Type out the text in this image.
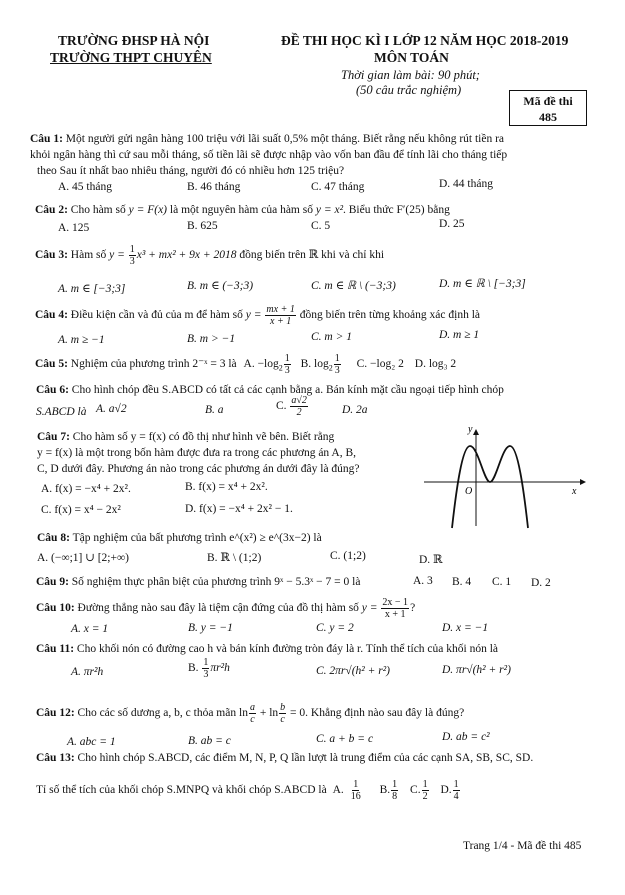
TRƯỜNG ĐHSP HÀ NỘI
TRƯỜNG THPT CHUYÊN
ĐỀ THI HỌC KÌ I LỚP 12 NĂM HỌC 2018-2019
MÔN TOÁN
Thời gian làm bài: 90 phút;
(50 câu trắc nghiệm)
Mã đề thi
485
Câu 1: Một người gửi ngân hàng 100 triệu với lãi suất 0,5% một tháng. Biết rằng nếu không rút tiền ra
khỏi ngân hàng thì cứ sau mỗi tháng, số tiền lãi sẽ được nhập vào vốn ban đầu để tính lãi cho tháng tiếp
theo Sau ít nhất bao nhiêu tháng, người đó có nhiều hơn 125 triệu?
A. 45 tháng	B. 46 tháng	C. 47 tháng	D. 44 tháng
Câu 2: Cho hàm số y = F(x) là một nguyên hàm của hàm số y = x². Biểu thức F′(25) bằng
A. 125	B. 625	C. 5	D. 25
Câu 3: Hàm số $y = \frac{1}{3} x^3 + mx^2 + 9x + 2018$ đồng biến trên ℝ khi và chỉ khi
A. m ∈ [−3;3]	B. m ∈ (−3;3)	C. m ∈ ℝ \ (−3;3)	D. m ∈ ℝ \ [−3;3]
Câu 4: Điều kiện cần và đủ của m để hàm số $y = \frac{mx + 1}{x + 1}$ đồng biến trên từng khoảng xác định là
A. m ≥ −1	B. m > −1	C. m > 1	D. m ≥ 1
Câu 5: Nghiệm của phương trình 2⁻ˣ = 3 là A. $-\log_2 \frac{1}{3} B$. $\log_2 \frac{1}{3} C$. −log₂ 2 D. log₃ 2
Câu 6: Cho hình chóp đều S.ABCD có tất cả các cạnh bằng a. Bán kính mặt cầu ngoại tiếp hình chóp
S.ABCD là A. a√2	B. a	C. $\frac{a√2}{2}$	D. 2a
Câu 7: Cho hàm số y = f(x) có đồ thị như hình vẽ bên. Biết rằng
y = f(x) là một trong bốn hàm được đưa ra trong các phương án A, B,
C, D dưới đây. Phương án nào trong các phương án dưới đây là đúng?
A. f(x) = −x⁴ + 2x².	B. f(x) = x⁴ + 2x².
C. f(x) = x⁴ − 2x²	D. f(x) = −x⁴ + 2x² − 1.
y
x
O
Câu 8: Tập nghiệm của bất phương trình e^(x²) ≥ e^(3x−2) là
A. (−∞;1] ∪ [2;+∞)	B. ℝ \ (1;2)	C. (1;2)	D. ℝ
Câu 9: Số nghiệm thực phân biệt của phương trình 9ˣ − 5.3ˣ − 7 = 0 là	A. 3 B. 4 C. 1 D. 2
Câu 10: Đường thẳng nào sau đây là tiệm cận đứng của đồ thị hàm số $y = \frac{2x - 1}{x + 1}$ ?
A. x = 1	B. y = −1	C. y = 2	D. x = −1
Câu 11: Cho khối nón có đường cao h và bán kính đường tròn đáy là r. Tính thể tích của khối nón là
A. πr²h	B. $\frac{1}{3} \pi r^2h$	C. 2πr√(h² + r²)	D. πr√(h² + r²)
Câu 12: Cho các số dương a, b, c thỏa mãn $\ln \frac{a}{c} + \ln \frac{b}{c} = 0$. Khẳng định nào sau đây là đúng?
A. abc = 1	B. ab = c	C. a + b = c	D. ab = c²
Câu 13: Cho hình chóp S.ABCD, các điểm M, N, P, Q lần lượt là trung điểm của các cạnh SA, SB, SC, SD.
Tỉ số thể tích của khối chóp S.MNPQ và khối chóp S.ABCD là A. $\frac{1}{16} B$. $\frac{1}{8} C$. $\frac{1}{2} D$. $\frac{1}{4}$
Trang 1/4 - Mã đề thi 485
